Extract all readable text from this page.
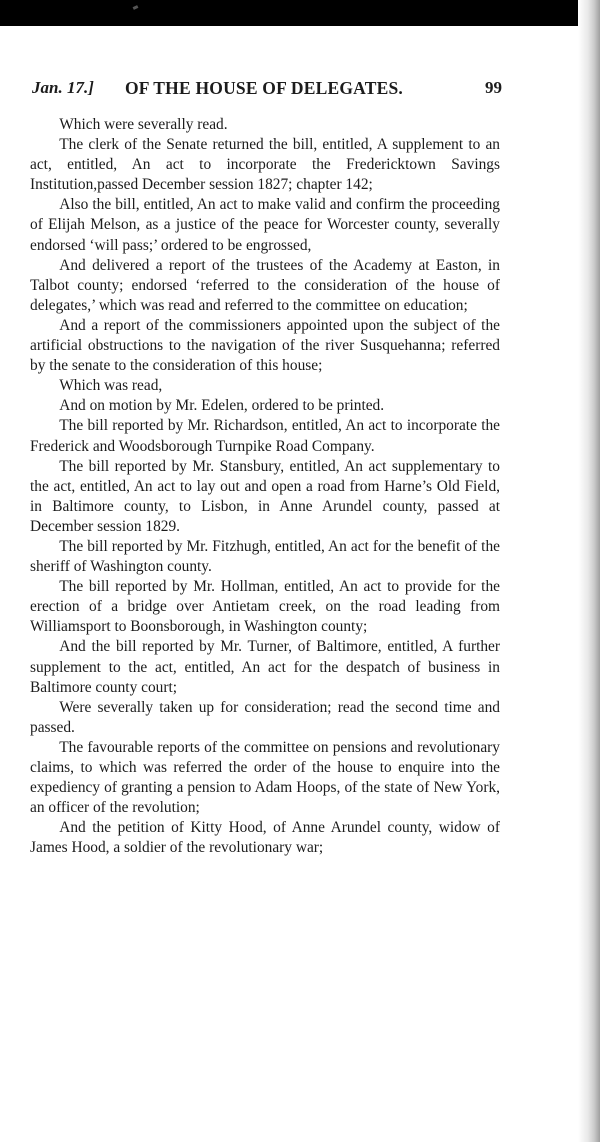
Jan. 17.] OF THE HOUSE OF DELEGATES.	99

Which were severally read.

The clerk of the Senate returned the bill, entitled, A supplement to an act, entitled, An act to incorporate the Fredericktown Savings Institution,passed December session 1827; chapter 142;

Also the bill, entitled, An act to make valid and confirm the proceeding of Elijah Melson, as a justice of the peace for Worcester county, severally endorsed ‘will pass;’ ordered to be engrossed,

And delivered a report of the trustees of the Academy at Easton, in Talbot county; endorsed ‘referred to the consideration of the house of delegates,’ which was read and referred to the committee on education;

And a report of the commissioners appointed upon the subject of the artificial obstructions to the navigation of the river Susquehanna; referred by the senate to the consideration of this house;

Which was read,

And on motion by Mr. Edelen, ordered to be printed.

The bill reported by Mr. Richardson, entitled, An act to incorporate the Frederick and Woodsborough Turnpike Road Company.

The bill reported by Mr. Stansbury, entitled, An act supplementary to the act, entitled, An act to lay out and open a road from Harne’s Old Field, in Baltimore county, to Lisbon, in Anne Arundel county, passed at December session 1829.

The bill reported by Mr. Fitzhugh, entitled, An act for the benefit of the sheriff of Washington county.

The bill reported by Mr. Hollman, entitled, An act to provide for the erection of a bridge over Antietam creek, on the road leading from Williamsport to Boonsborough, in Washington county;

And the bill reported by Mr. Turner, of Baltimore, entitled, A further supplement to the act, entitled, An act for the despatch of business in Baltimore county court;

Were severally taken up for consideration; read the second time and passed.

The favourable reports of the committee on pensions and revolutionary claims, to which was referred the order of the house to enquire into the expediency of granting a pension to Adam Hoops, of the state of New York, an officer of the revolution;

And the petition of Kitty Hood, of Anne Arundel county, widow of James Hood, a soldier of the revolutionary war;
